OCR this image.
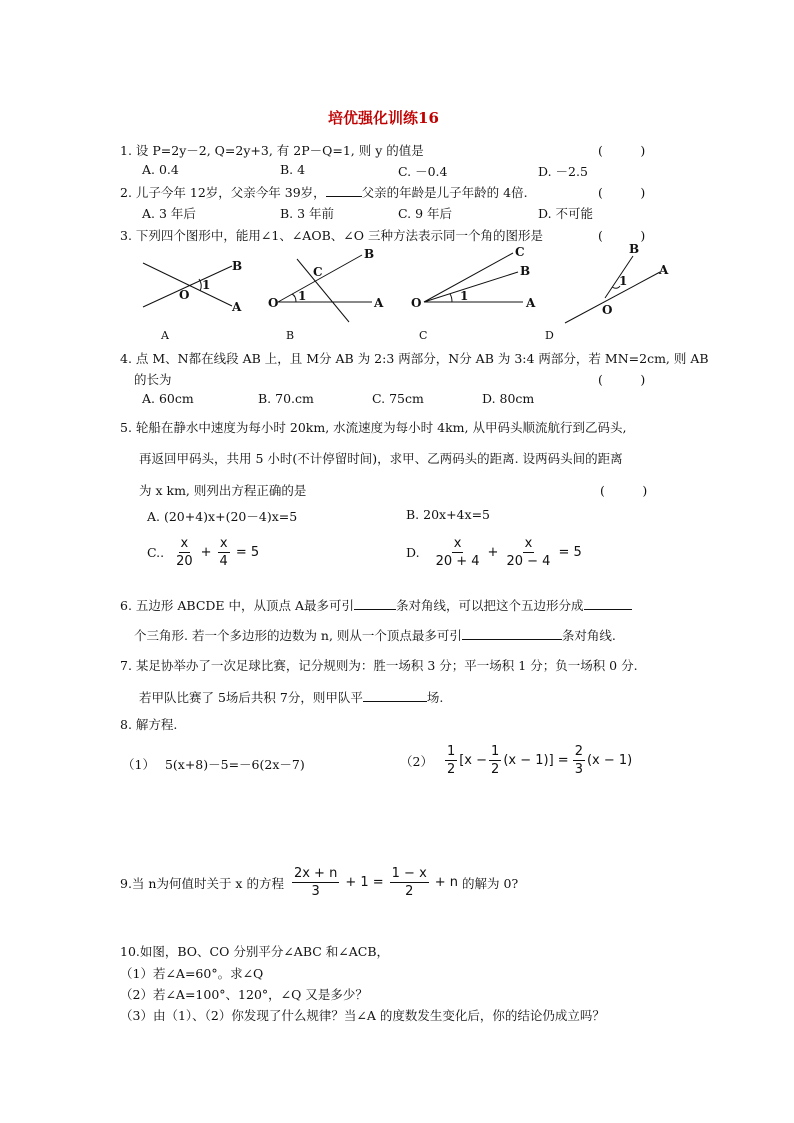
培优强化训练16
1. 设 P=2y－2, Q=2y+3, 有 2P－Q=1, 则 y 的值是	(　　　)
A. 0.4	B. 4	C. －0.4	D. －2.5
2. 儿子今年 12岁，父亲今年 39岁，	父亲的年龄是儿子年龄的 4倍.	(　　　)
A. 3 年后	B. 3 年前	C. 9 年后	D. 不可能
3. 下列四个图形中，能用∠1、∠AOB、∠O 三种方法表示同一个角的图形是	(　　　)
B
A
O
1
B
A
C
O 1
C
B
A
O	1
B
A
O
1
A	B	C	D
4. 点 M、N都在线段 AB 上，且 M分 AB 为 2:3 两部分，N分 AB 为 3:4 两部分，若 MN=2cm, 则 AB
的长为	(　　　)
A. 60cm	B. 70.cm	C. 75cm	D. 80cm
5. 轮船在静水中速度为每小时 20km, 水流速度为每小时 4km, 从甲码头顺流航行到乙码头,
再返回甲码头，共用 5 小时(不计停留时间)，求甲、乙两码头的距离. 设两码头间的距离
为 x km, 则列出方程正确的是	(　　　)
A. (20+4)x+(20－4)x=5	B. 20x+4x=5
C.. $\frac{x}{20} + \frac{x}{4} = 5$	D. $\frac{x}{20 + 4} + \frac{x}{20 - 4} = 5$
6. 五边形 ABCDE 中，从顶点 A最多可引	条对角线，可以把这个五边形分成
个三角形. 若一个多边形的边数为 n, 则从一个顶点最多可引	条对角线.
7. 某足协举办了一次足球比赛，记分规则为：胜一场积 3 分；平一场积 1 分；负一场积 0 分.
若甲队比赛了 5场后共积 7分，则甲队平	场.
8. 解方程.
（1） 5(x+8)－5=－6(2x－7)	$(2) \frac{1}{2} [x - \frac{1}{2} (x - 1)] = \frac{2}{3} (x - 1)$
9.当 n为何值时关于 x 的方程 $\frac{2x + n}{3} + 1 = \frac{1 - x}{2} + n$ 的解为 0?
10.如图，BO、CO 分别平分∠ABC 和∠ACB，
（1）若∠A=60°。求∠Q
（2）若∠A=100°、120°，∠Q 又是多少？
（3）由（1）、（2）你发现了什么规律？当∠A 的度数发生变化后，你的结论仍成立吗？
